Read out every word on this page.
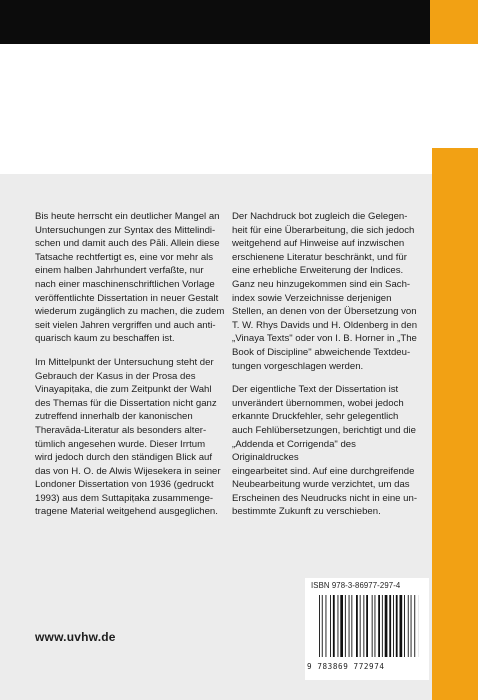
Bis heute herrscht ein deutlicher Mangel an
Untersuchungen zur Syntax des Mittelindi-
schen und damit auch des Pāli. Allein diese
Tatsache rechtfertigt es, eine vor mehr als
einem halben Jahrhundert verfaßte, nur
nach einer maschinenschriftlichen Vorlage
veröffentlichte Dissertation in neuer Gestalt
wiederum zugänglich zu machen, die zudem
seit vielen Jahren vergriffen und auch anti-
quarisch kaum zu beschaffen ist.

Im Mittelpunkt der Untersuchung steht der
Gebrauch der Kasus in der Prosa des
Vinayapiṭaka, die zum Zeitpunkt der Wahl
des Themas für die Dissertation nicht ganz
zutreffend innerhalb der kanonischen
Theravāda-Literatur als besonders alter-
tümlich angesehen wurde. Dieser Irrtum
wird jedoch durch den ständigen Blick auf
das von H. O. de Alwis Wijesekera in seiner
Londoner Dissertation von 1936 (gedruckt
1993) aus dem Suttapiṭaka zusammenge-
tragene Material weitgehend ausgeglichen.

Der Nachdruck bot zugleich die Gelegen-
heit für eine Überarbeitung, die sich jedoch
weitgehend auf Hinweise auf inzwischen
erschienene Literatur beschränkt, und für
eine erhebliche Erweiterung der Indices.
Ganz neu hinzugekommen sind ein Sach-
index sowie Verzeichnisse derjenigen
Stellen, an denen von der Übersetzung von
T. W. Rhys Davids und H. Oldenberg in den
„Vinaya Texts" oder von I. B. Horner in „The
Book of Discipline" abweichende Textdeu-
tungen vorgeschlagen werden.

Der eigentliche Text der Dissertation ist
unverändert übernommen, wobei jedoch
erkannte Druckfehler, sehr gelegentlich
auch Fehlübersetzungen, berichtigt und die
„Addenda et Corrigenda" des Originaldruckes
eingearbeitet sind. Auf eine durchgreifende
Neubearbeitung wurde verzichtet, um das
Erscheinen des Neudrucks nicht in eine un-
bestimmte Zukunft zu verschieben.

www.uvhw.de
ISBN 978-3-86977-297-4
9 783869 772974
